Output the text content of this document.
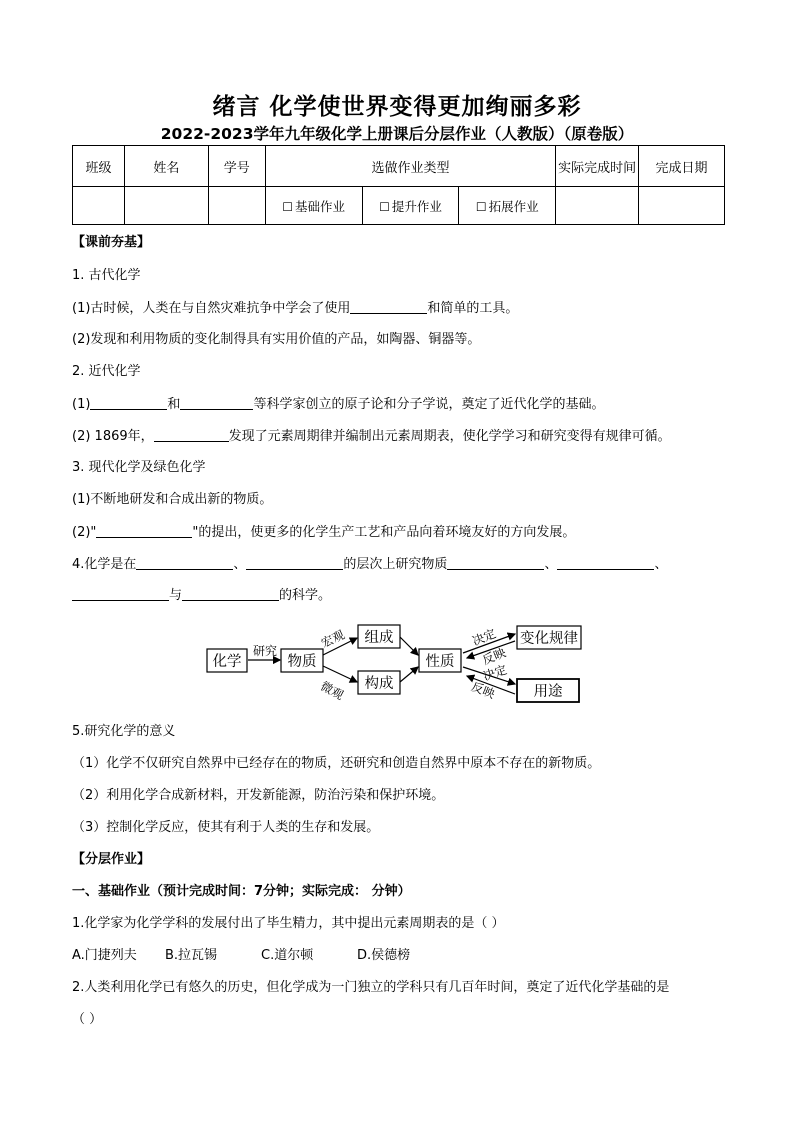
绪言 化学使世界变得更加绚丽多彩
2022-2023学年九年级化学上册课后分层作业（人教版）（原卷版）
班级	姓名	学号	选做作业类型			实际完成时间	完成日期
			☐ 基础作业	☐ 提升作业	☐ 拓展作业		
【课前夯基】
1. 古代化学
(1)古时候，人类在与自然灾难抗争中学会了使用	和简单的工具。
(2)发现和利用物质的变化制得具有实用价值的产品，如陶器、铜器等。
2. 近代化学
(1)	和	等科学家创立的原子论和分子学说，奠定了近代化学的基础。
(2) 1869年，	发现了元素周期律并编制出元素周期表，使化学学习和研究变得有规律可循。
3. 现代化学及绿色化学
(1)不断地研发和合成出新的物质。
(2)"	"的提出，使更多的化学生产工艺和产品向着环境友好的方向发展。
4.化学是在	、	的层次上研究物质	、	、
与	的科学。
化学	物质
组成
构成
性质
变化规律
用途
研究
宏观
微观
决定
反映
决定
反映
5.研究化学的意义
（1）化学不仅研究自然界中已经存在的物质，还研究和创造自然界中原本不存在的新物质。
（2）利用化学合成新材料，开发新能源，防治污染和保护环境。
（3）控制化学反应，使其有利于人类的生存和发展。
【分层作业】
一、基础作业（预计完成时间：7分钟；实际完成： 分钟）
1.化学家为化学学科的发展付出了毕生精力，其中提出元素周期表的是（ ）
A.门捷列夫 B.拉瓦锡	C.道尔顿	D.侯德榜
2.人类利用化学已有悠久的历史，但化学成为一门独立的学科只有几百年时间，奠定了近代化学基础的是
（ ）
